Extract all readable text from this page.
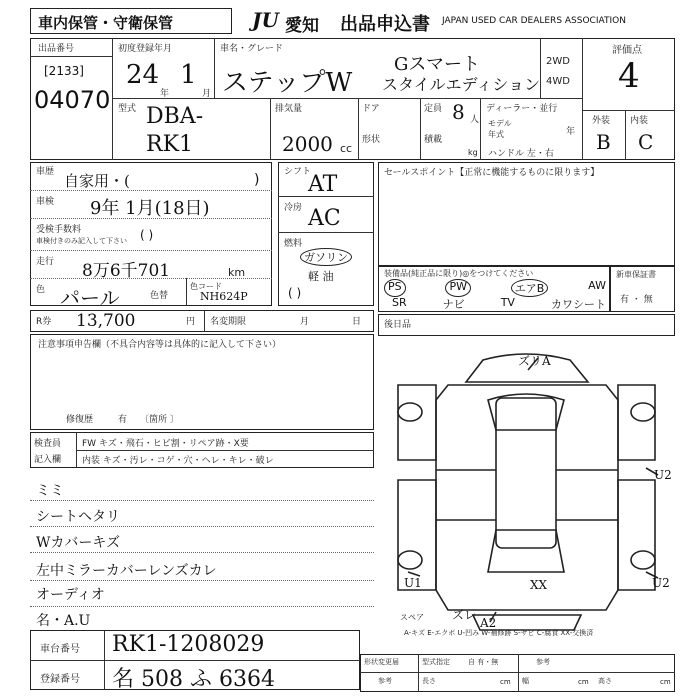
車内保管・守衛保管	JU 愛知 出品申込書 JAPAN USED CAR DEALERS ASSOCIATION
出品番号
[2133]
04070
初度登録年月
24
年
1
月
車名・グレード
ステップW
Gスマート
スタイルエディション
2WD
4WD
型式 DBA-
RK1
排気量
2000 cc
ドア
形状
定員 8 人
積載
kg
ディーラー・並行
モデル
年式	年
ハンドル 左・右
評価点
4
外装 内装
B C
車歴 自家用・(	)
車検 9年 1月(18日)
受検手数料
車検付きのみ記入して下さい ( )
走行 8万6千701	km
色 パール	色替
色コード
NH624P
シフト
AT
冷房 AC
燃料
ガソリン
軽 油
( )
セールスポイント【正常に機能するものに限ります】
装備品(純正品に限り)◎をつけてください
PS	PW	エアB	AW
SR	ナビ	TV	カワシート
新車保証書
有 ・ 無
R券 13,700	円 名変期限	月	日
注意事項申告欄（不具合内容等は具体的に記入して下さい）
修復歴	有 〔箇所 〕
検査員
記入欄
FW キズ・飛石・ヒビ割・リペア跡・X要
内装 キズ・汚レ・コゲ・穴・ヘレ・キレ・破レ
後日品
ミミ
シートヘタリ
Wカバーキズ
左中ミラーカバーレンズカレ
オーディオ
名・A.U
車台番号 RK1-1208029
登録番号 名 508 ふ 6364
ズリA
U2
U2
U1	XX
スペア ズレ
A2
A-キズ E-エクボ U-凹み W-補修跡 S-サビ C-腐食 XX-交換済
形状変更届
参考
型式指定	自 有・無	参考
長さ	cm 幅	cm 高さ	cm
